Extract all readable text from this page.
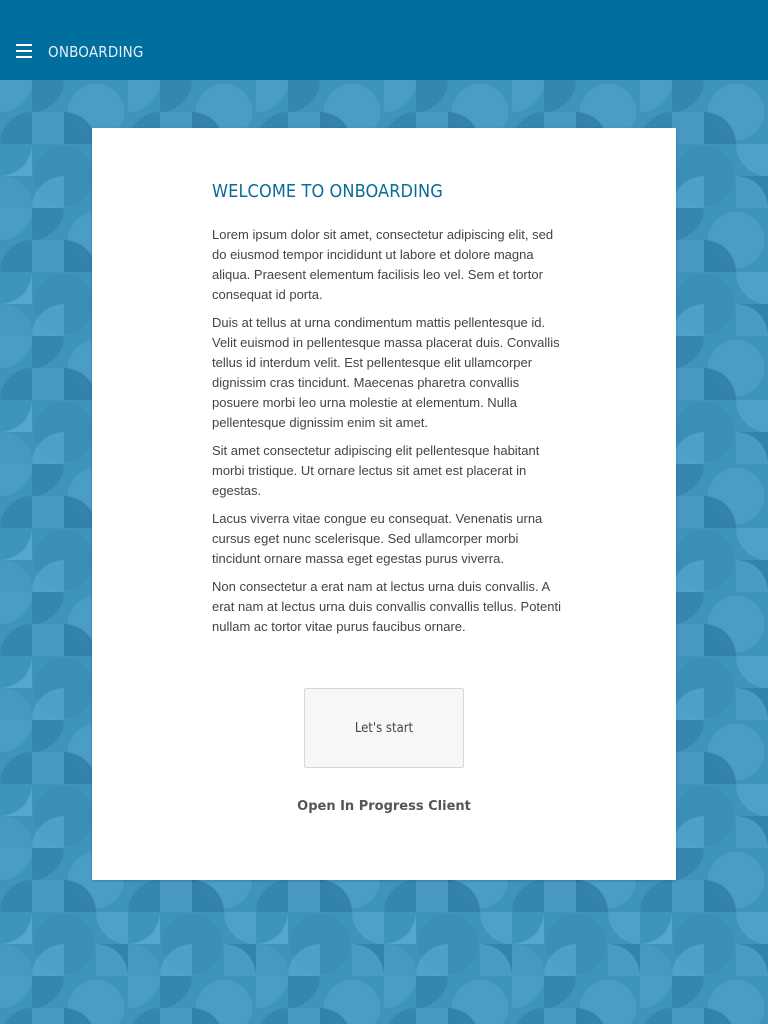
ONBOARDING
WELCOME TO ONBOARDING

Lorem ipsum dolor sit amet, consectetur adipiscing elit, sed do eiusmod tempor incididunt ut labore et dolore magna aliqua. Praesent elementum facilisis leo vel. Sem et tortor consequat id porta.

Duis at tellus at urna condimentum mattis pellentesque id. Velit euismod in pellentesque massa placerat duis. Convallis tellus id interdum velit. Est pellentesque elit ullamcorper dignissim cras tincidunt. Maecenas pharetra convallis posuere morbi leo urna molestie at elementum. Nulla pellentesque dignissim enim sit amet.

Sit amet consectetur adipiscing elit pellentesque habitant morbi tristique. Ut ornare lectus sit amet est placerat in egestas.

Lacus viverra vitae congue eu consequat. Venenatis urna cursus eget nunc scelerisque. Sed ullamcorper morbi tincidunt ornare massa eget egestas purus viverra.

Non consectetur a erat nam at lectus urna duis convallis. A erat nam at lectus urna duis convallis convallis tellus. Potenti nullam ac tortor vitae purus faucibus ornare.

Let's start
Open In Progress Client
